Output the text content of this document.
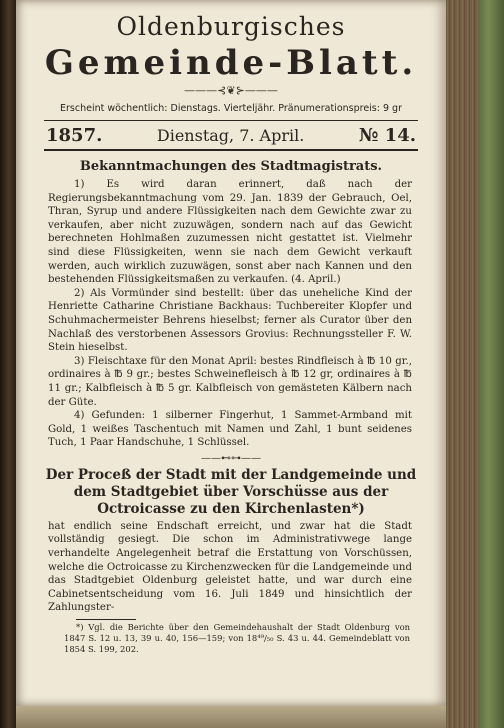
Oldenburgisches
Gemeinde-Blatt.
———⊰❦⊱———
Erscheint wöchentlich: Dienstags. Vierteljähr. Pränumerationspreis: 9 gr
1857.	Dienstag, 7. April.	№ 14.
Bekanntmachungen des Stadtmagistrats.

1) Es wird daran erinnert, daß nach der Regierungsbekanntmachung vom 29. Jan. 1839 der Gebrauch, Oel, Thran, Syrup und andere Flüssigkeiten nach dem Gewichte zwar zu verkaufen, aber nicht zuzuwägen, sondern nach auf das Gewicht berechneten Hohlmaßen zuzumessen nicht gestattet ist. Vielmehr sind diese Flüssigkeiten, wenn sie nach dem Gewicht verkauft werden, auch wirklich zuzuwägen, sonst aber nach Kannen und den bestehenden Flüssigkeitsmaßen zu verkaufen. (4. April.)

2) Als Vormünder sind bestellt: über das uneheliche Kind der Henriette Catharine Christiane Backhaus: Tuchbereiter Klopfer und Schuhmachermeister Behrens hieselbst; ferner als Curator über den Nachlaß des verstorbenen Assessors Grovius: Rechnungssteller F. W. Stein hieselbst.

3) Fleischtaxe für den Monat April: bestes Rindfleisch à ℔ 10 gr., ordinaires à ℔ 9 gr.; bestes Schweinefleisch à ℔ 12 gr, ordinaires à ℔ 11 gr.; Kalbfleisch à ℔ 5 gr. Kalbfleisch von gemästeten Kälbern nach der Güte.

4) Gefunden: 1 silberner Fingerhut, 1 Sammet-Armband mit Gold, 1 weißes Taschentuch mit Namen und Zahl, 1 bunt seidenes Tuch, 1 Paar Handschuhe, 1 Schlüssel.

——⊷⊶——
Der Proceß der Stadt mit der Landgemeinde und dem Stadtgebiet über Vorschüsse aus der Octroicasse zu den Kirchenlasten*)

hat endlich seine Endschaft erreicht, und zwar hat die Stadt vollständig gesiegt. Die schon im Administrativwege lange verhandelte Angelegenheit betraf die Erstattung von Vorschüssen, welche die Octroicasse zu Kirchenzwecken für die Landgemeinde und das Stadtgebiet Oldenburg geleistet hatte, und war durch eine Cabinetsentscheidung vom 16. Juli 1849 und hinsichtlich der Zahlungster-

*) Vgl. die Berichte über den Gemeindehaushalt der Stadt Oldenburg von 1847 S. 12 u. 13, 39 u. 40, 156—159; von 18⁴⁹/₅₀ S. 43 u. 44. Gemeindeblatt von 1854 S. 199, 202.
